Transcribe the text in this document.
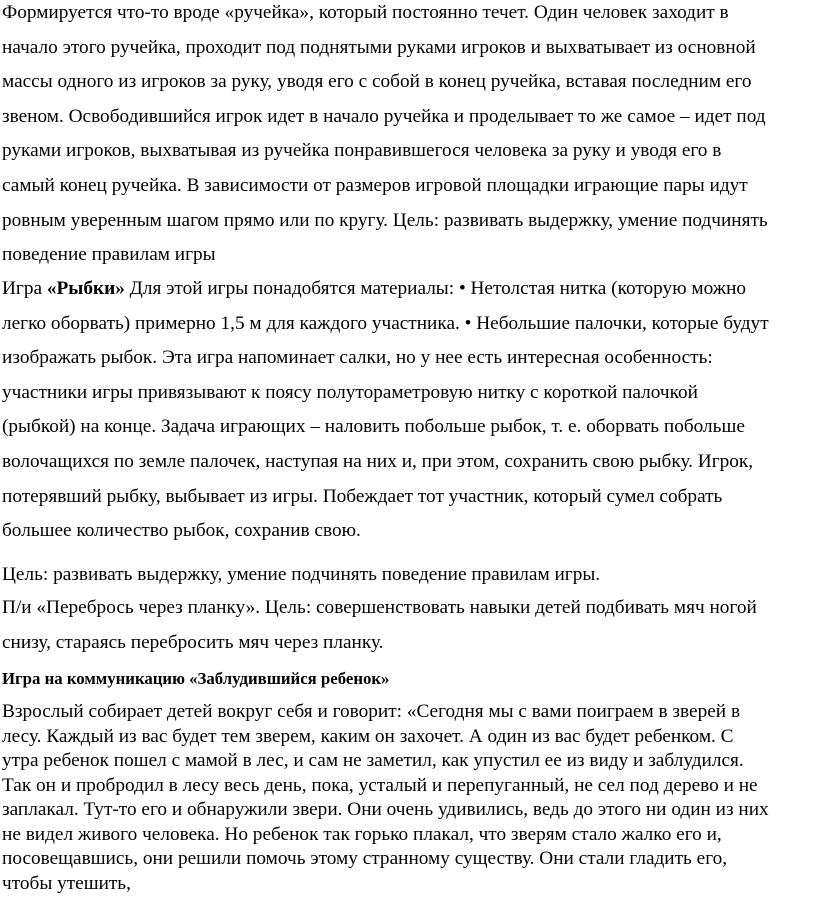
Формируется что-то вроде «ручейка», который постоянно течет. Один человек заходит в
начало этого ручейка, проходит под поднятыми руками игроков и выхватывает из основной
массы одного из игроков за руку, уводя его с собой в конец ручейка, вставая последним его
звеном. Освободившийся игрок идет в начало ручейка и проделывает то же самое – идет под
руками игроков, выхватывая из ручейка понравившегося человека за руку и уводя его в
самый конец ручейка. В зависимости от размеров игровой площадки играющие пары идут
ровным уверенным шагом прямо или по кругу. Цель: развивать выдержку, умение подчинять
поведение правилам игры
Игра «Рыбки» Для этой игры понадобятся материалы: • Нетолстая нитка (которую можно
легко оборвать) примерно 1,5 м для каждого участника. • Небольшие палочки, которые будут
изображать рыбок. Эта игра напоминает салки, но у нее есть интересная особенность:
участники игры привязывают к поясу полутораметровую нитку с короткой палочкой
(рыбкой) на конце. Задача играющих – наловить побольше рыбок, т. е. оборвать побольше
волочащихся по земле палочек, наступая на них и, при этом, сохранить свою рыбку. Игрок,
потерявший рыбку, выбывает из игры. Побеждает тот участник, который сумел собрать
большее количество рыбок, сохранив свою.
Цель: развивать выдержку, умение подчинять поведение правилам игры.
П/и «Перебрось через планку». Цель: совершенствовать навыки детей подбивать мяч ногой
снизу, стараясь перебросить мяч через планку.
Игра на коммуникацию «Заблудившийся ребенок»
Взрослый собирает детей вокруг себя и говорит: «Сегодня мы с вами поиграем в зверей в
лесу. Каждый из вас будет тем зверем, каким он захочет. А один из вас будет ребенком. С
утра ребенок пошел с мамой в лес, и сам не заметил, как упустил ее из виду и заблудился.
Так он и пробродил в лесу весь день, пока, усталый и перепуганный, не сел под дерево и не
заплакал. Тут-то его и обнаружили звери. Они очень удивились, ведь до этого ни один из них
не видел живого человека. Но ребенок так горько плакал, что зверям стало жалко его и,
посовещавшись, они решили помочь этому странному существу. Они стали гладить его,
чтобы утешить,
